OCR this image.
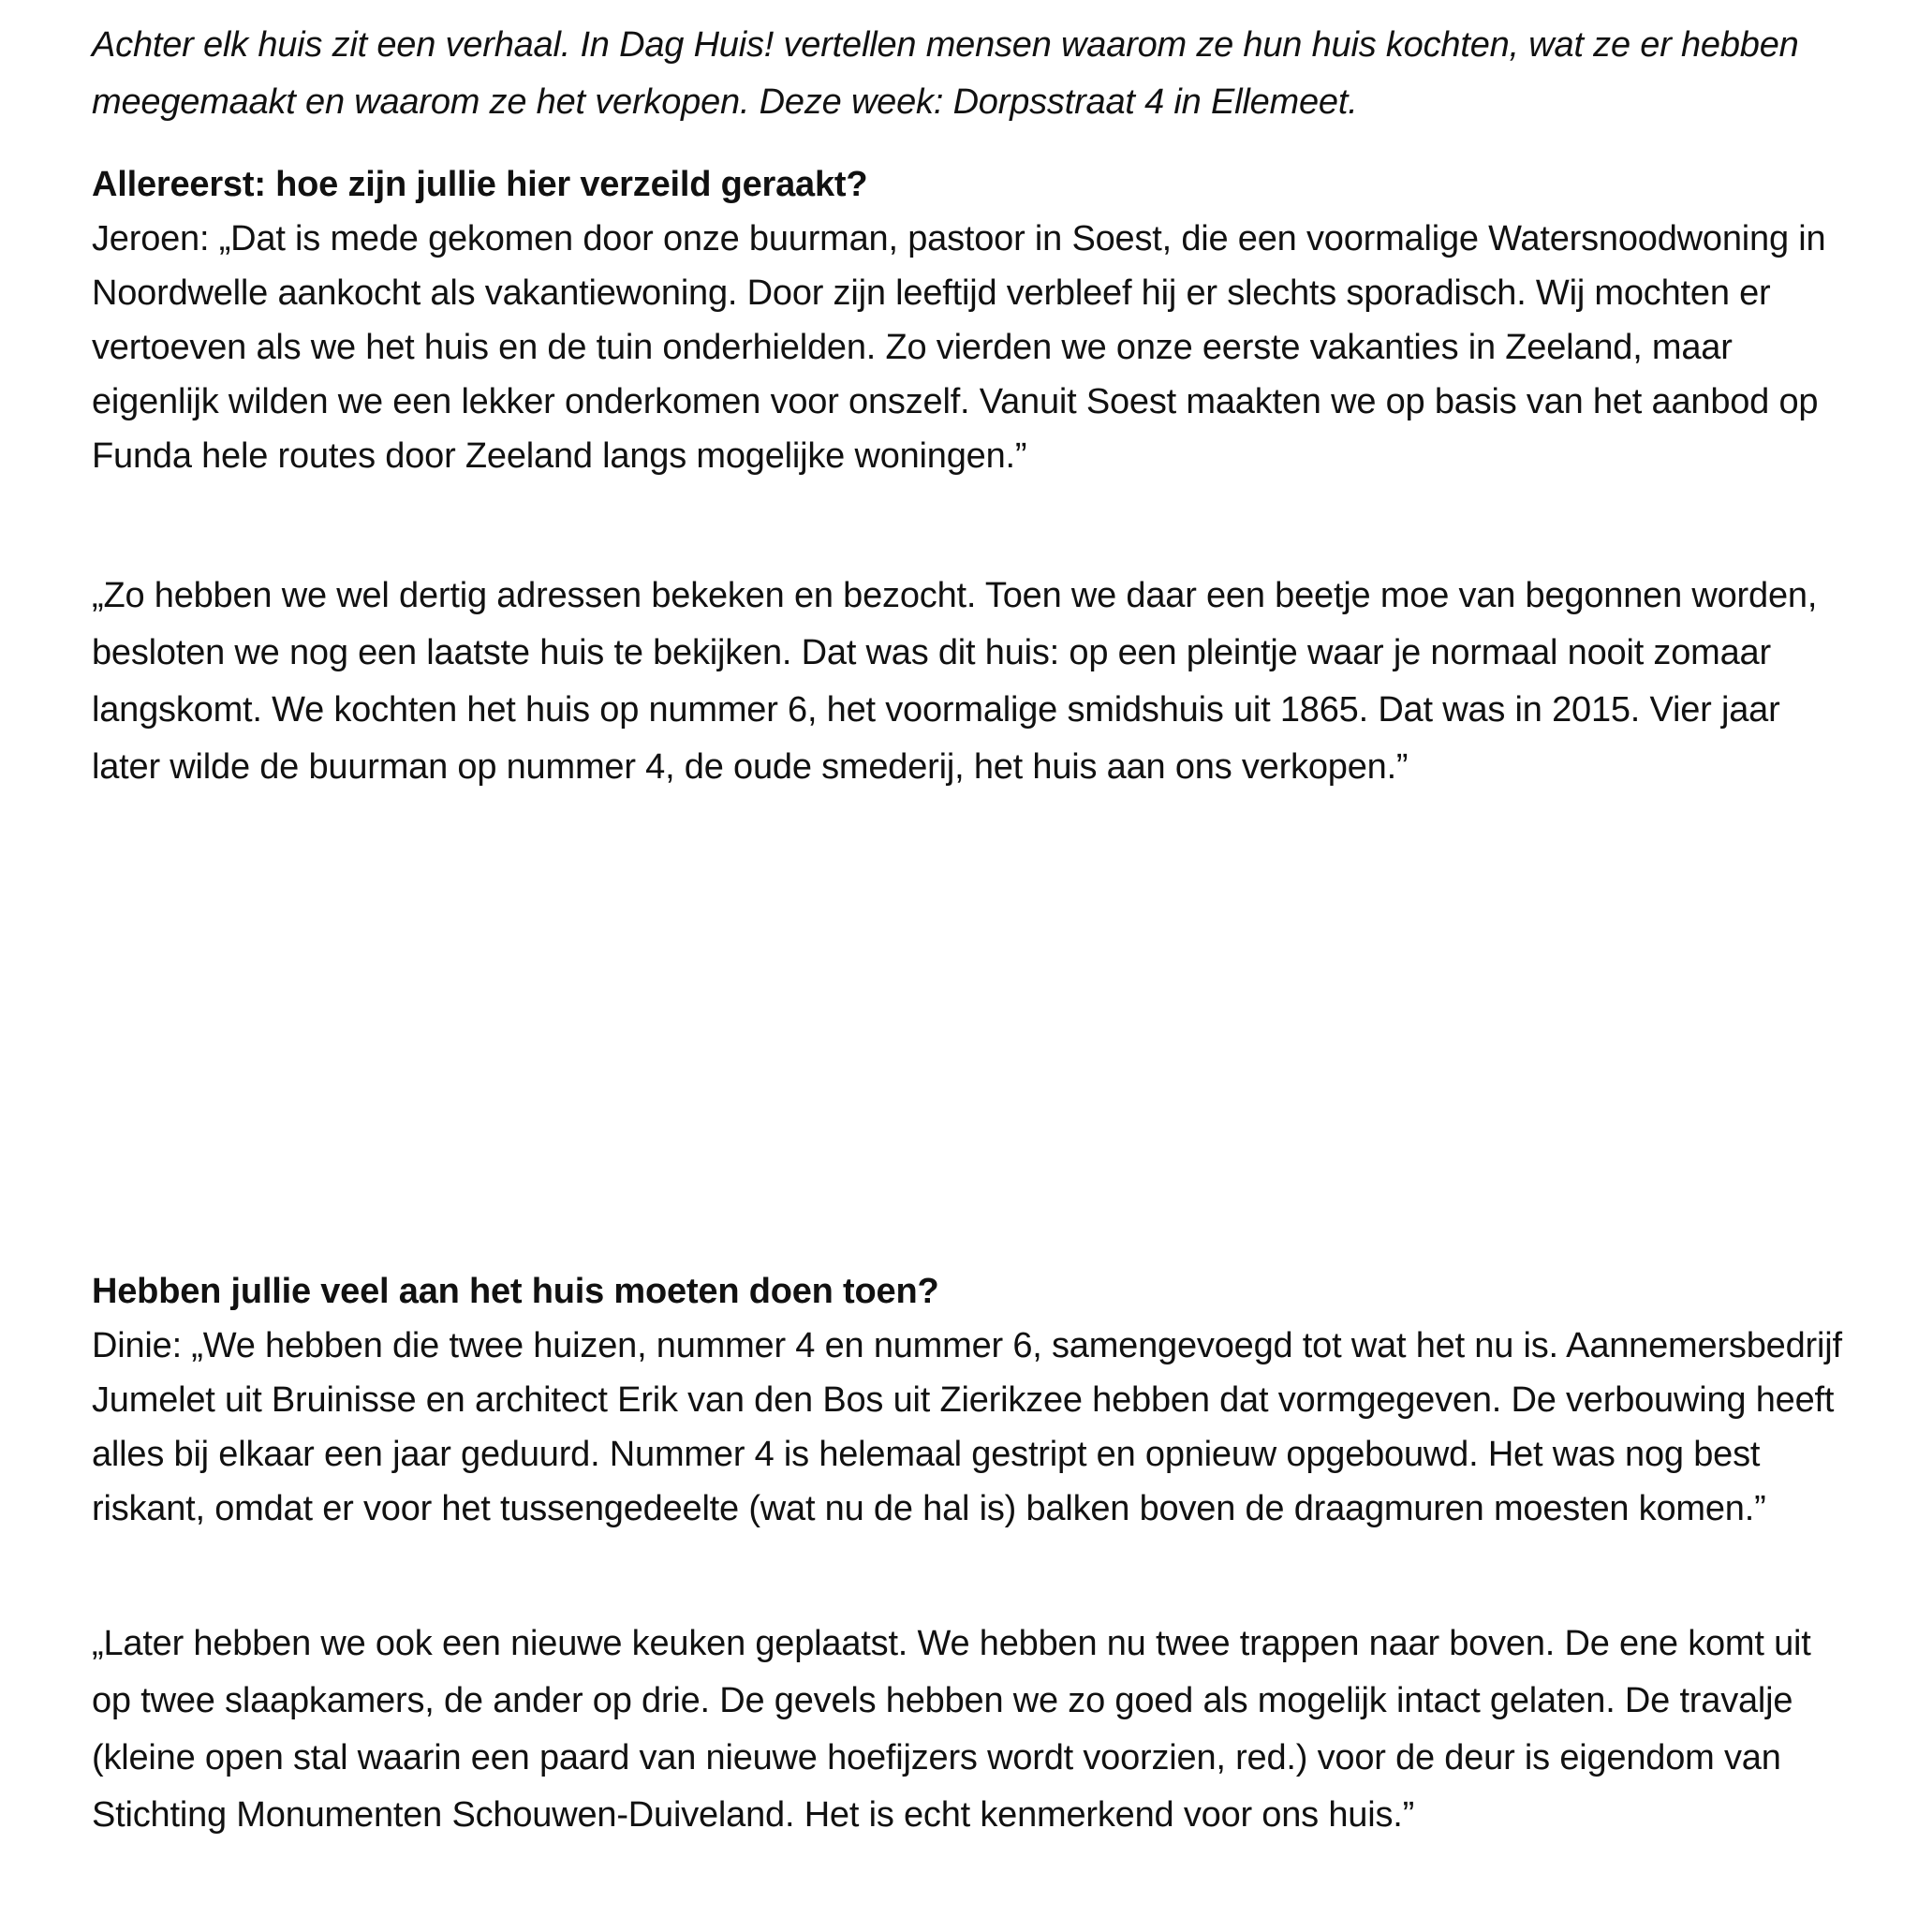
Achter elk huis zit een verhaal. In Dag Huis! vertellen mensen waarom ze hun huis kochten, wat ze er hebben meegemaakt en waarom ze het verkopen. Deze week: Dorpsstraat 4 in Ellemeet.

Allereerst: hoe zijn jullie hier verzeild geraakt?
Jeroen: „Dat is mede gekomen door onze buurman, pastoor in Soest, die een voormalige Watersnoodwoning in Noordwelle aankocht als vakantiewoning. Door zijn leeftijd verbleef hij er slechts sporadisch. Wij mochten er vertoeven als we het huis en de tuin onderhielden. Zo vierden we onze eerste vakanties in Zeeland, maar eigenlijk wilden we een lekker onderkomen voor onszelf. Vanuit Soest maakten we op basis van het aanbod op Funda hele routes door Zeeland langs mogelijke woningen.”

„Zo hebben we wel dertig adressen bekeken en bezocht. Toen we daar een beetje moe van begonnen worden, besloten we nog een laatste huis te bekijken. Dat was dit huis: op een pleintje waar je normaal nooit zomaar langskomt. We kochten het huis op nummer 6, het voormalige smidshuis uit 1865. Dat was in 2015. Vier jaar later wilde de buurman op nummer 4, de oude smederij, het huis aan ons verkopen.”

Hebben jullie veel aan het huis moeten doen toen?
Dinie: „We hebben die twee huizen, nummer 4 en nummer 6, samengevoegd tot wat het nu is. Aannemersbedrijf Jumelet uit Bruinisse en architect Erik van den Bos uit Zierikzee hebben dat vormgegeven. De verbouwing heeft alles bij elkaar een jaar geduurd. Nummer 4 is helemaal gestript en opnieuw opgebouwd. Het was nog best riskant, omdat er voor het tussengedeelte (wat nu de hal is) balken boven de draagmuren moesten komen.”

„Later hebben we ook een nieuwe keuken geplaatst. We hebben nu twee trappen naar boven. De ene komt uit op twee slaapkamers, de ander op drie. De gevels hebben we zo goed als mogelijk intact gelaten. De travalje (kleine open stal waarin een paard van nieuwe hoefijzers wordt voorzien, red.) voor de deur is eigendom van Stichting Monumenten Schouwen-Duiveland. Het is echt kenmerkend voor ons huis.”
